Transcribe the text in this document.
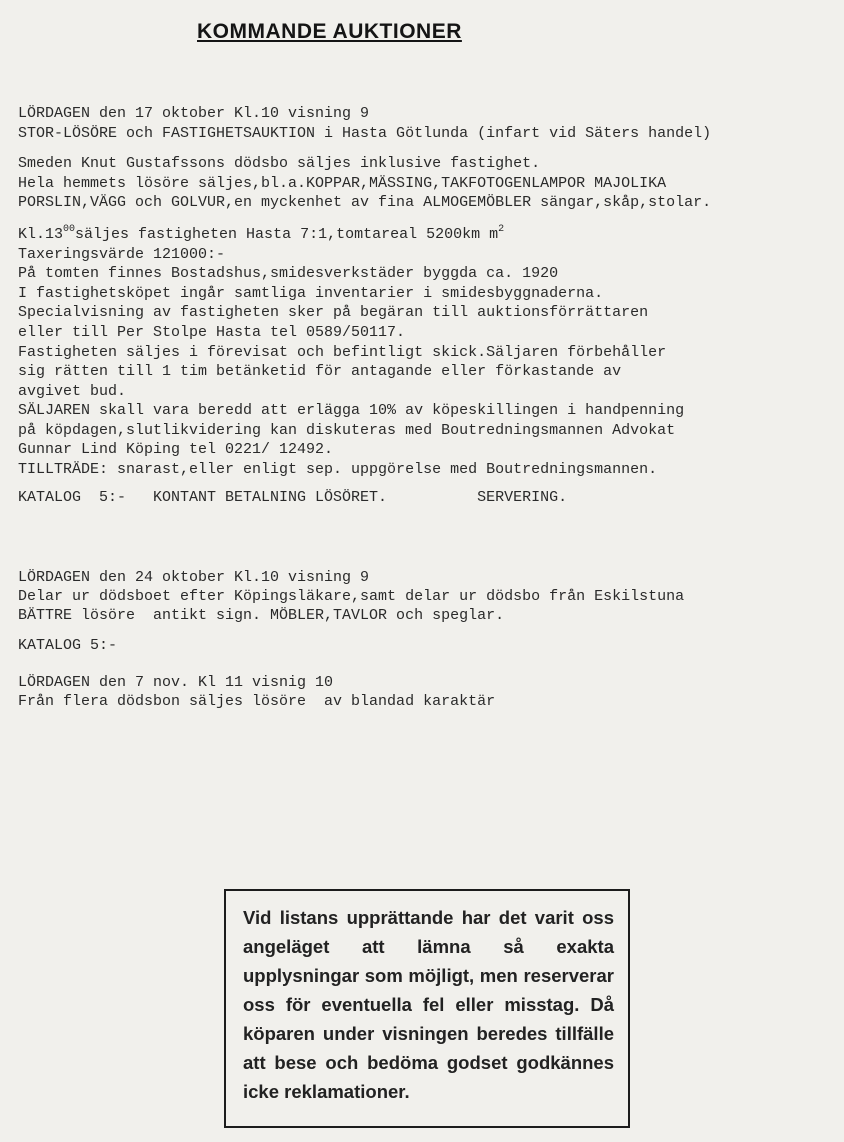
KOMMANDE AUKTIONER
LÖRDAGEN den 17 oktober Kl.10 visning 9
STOR-LÖSÖRE och FASTIGHETSAUKTION i Hasta Götlunda (infart vid Säters handel)
Smeden Knut Gustafssons dödsbo säljes inklusive fastighet.
Hela hemmets lösöre säljes,bl.a.KOPPAR,MÄSSING,TAKFOTOGENLAMPOR MAJOLIKA
PORSLIN,VÄGG och GOLVUR,en myckenhet av fina ALMOGEMÖBLER sängar,skåp,stolar.
$Kl.13^{00}säljes$ fastigheten Hasta 7:1,tomtareal 5200km $m^2$
Taxeringsvärde 121000:-
På tomten finnes Bostadshus,smidesverkstäder byggda ca. 1920
I fastighetsköpet ingår samtliga inventarier i smidesbyggnaderna.
Specialvisning av fastigheten sker på begäran till auktionsförrättaren
eller till Per Stolpe Hasta tel 0589/50117.
Fastigheten säljes i förevisat och befintligt skick.Säljaren förbehåller
sig rätten till 1 tim betänketid för antagande eller förkastande av
avgivet bud.
SÄLJAREN skall vara beredd att erlägga 10% av köpeskillingen i handpenning
på köpdagen,slutlikvidering kan diskuteras med Boutredningsmannen Advokat
Gunnar Lind Köping tel 0221/ 12492.
TILLTRÄDE: snarast,eller enligt sep. uppgörelse med Boutredningsmannen.
KATALOG  5:-   KONTANT BETALNING LÖSÖRET.          SERVERING.
LÖRDAGEN den 24 oktober Kl.10 visning 9
Delar ur dödsboet efter Köpingsläkare,samt delar ur dödsbo från Eskilstuna
BÄTTRE lösöre  antikt sign. MÖBLER,TAVLOR och speglar.
KATALOG 5:-
LÖRDAGEN den 7 nov. Kl 11 visnig 10
Från flera dödsbon säljes lösöre  av blandad karaktär
Vid listans upprättande har det varit oss angeläget att lämna så exakta upplysningar som möjligt, men reserverar oss för eventuella fel eller misstag. Då köparen under visningen beredes tillfälle att bese och bedöma godset godkännes icke reklamationer.
